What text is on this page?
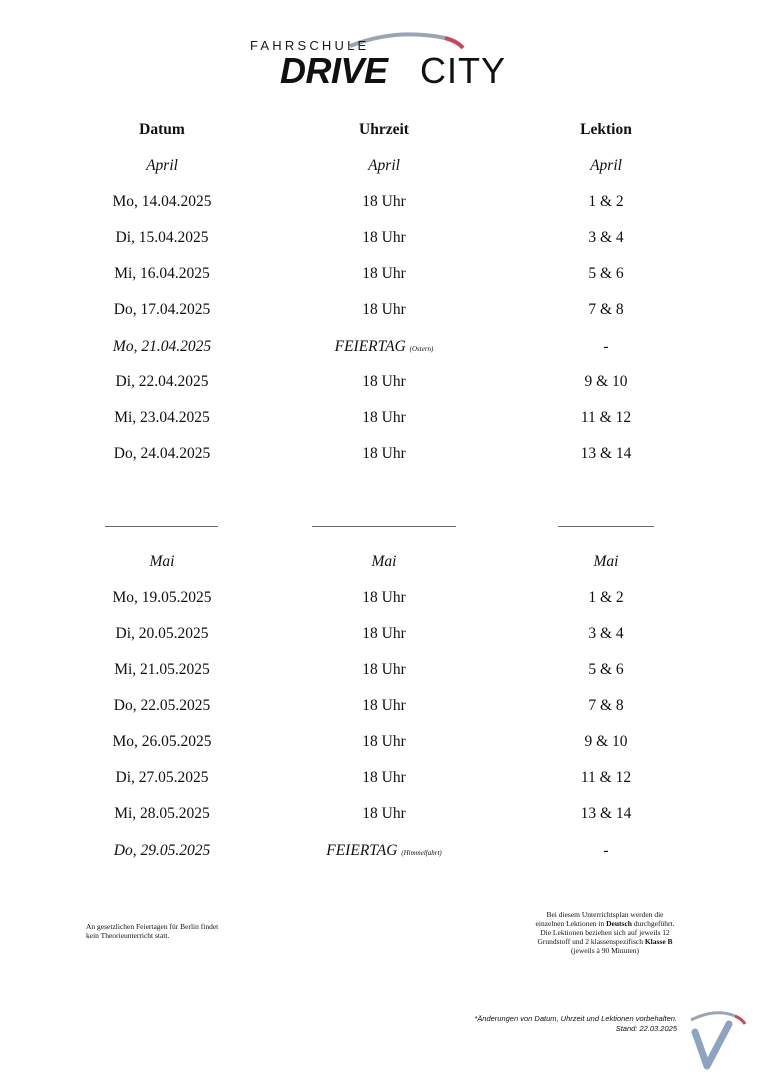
FAHRSCHULE
DRIVE CITY
Datum	Uhrzeit	Lektion
April	April	April
Mo, 14.04.2025	18 Uhr	1 & 2
Di, 15.04.2025	18 Uhr	3 & 4
Mi, 16.04.2025	18 Uhr	5 & 6
Do, 17.04.2025	18 Uhr	7 & 8
Mo, 21.04.2025	FEIERTAG (Ostern)	-
Di, 22.04.2025	18 Uhr	9 & 10
Mi, 23.04.2025	18 Uhr	11 & 12
Do, 24.04.2025	18 Uhr	13 & 14
Mai	Mai	Mai
Mo, 19.05.2025	18 Uhr	1 & 2
Di, 20.05.2025	18 Uhr	3 & 4
Mi, 21.05.2025	18 Uhr	5 & 6
Do, 22.05.2025	18 Uhr	7 & 8
Mo, 26.05.2025	18 Uhr	9 & 10
Di, 27.05.2025	18 Uhr	11 & 12
Mi, 28.05.2025	18 Uhr	13 & 14
Do, 29.05.2025	FEIERTAG (Himmelfahrt)	-
An gesetzlichen Feiertagen für Berlin findet
kein Theorieunterricht statt.
Bei diesem Unterrichtsplan werden die
einzelnen Lektionen in Deutsch durchgeführt.
Die Lektionen beziehen sich auf jeweils 12
Grundstoff und 2 klassenspezifisch Klasse B
(jeweils à 90 Minuten)
*Änderungen von Datum, Uhrzeit und Lektionen vorbehalten.
Stand: 22.03.2025
